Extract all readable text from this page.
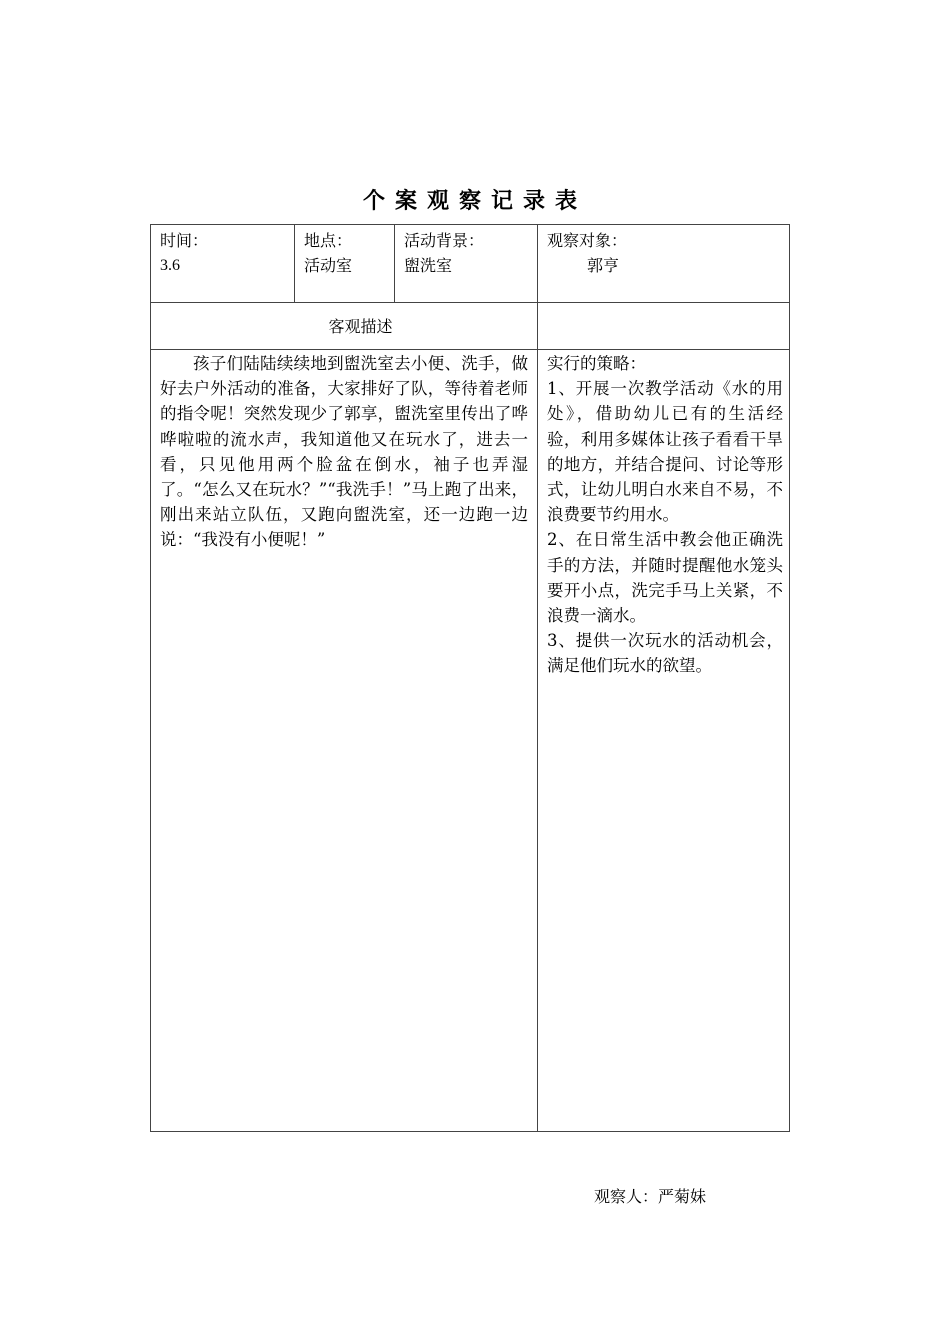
个案观察记录表
时间：
3.6
地点：
活动室
活动背景：
盥洗室
观察对象：
郭亨
客观描述
孩子们陆陆续续地到盥洗室去小便、洗手，做好去户外活动的准备，大家排好了队，等待着老师的指令呢！突然发现少了郭享，盥洗室里传出了哗哗啦啦的流水声，我知道他又在玩水了，进去一看，只见他用两个脸盆在倒水，袖子也弄湿了。“怎么又在玩水？”“我洗手！”马上跑了出来，刚出来站立队伍，又跑向盥洗室，还一边跑一边说：“我没有小便呢！”

实行的策略：

1、开展一次教学活动《水的用处》，借助幼儿已有的生活经验，利用多媒体让孩子看看干旱的地方，并结合提问、讨论等形式，让幼儿明白水来自不易，不浪费要节约用水。

2、在日常生活中教会他正确洗手的方法，并随时提醒他水笼头要开小点，洗完手马上关紧，不浪费一滴水。

3、提供一次玩水的活动机会，满足他们玩水的欲望。

观察人：严菊妹
